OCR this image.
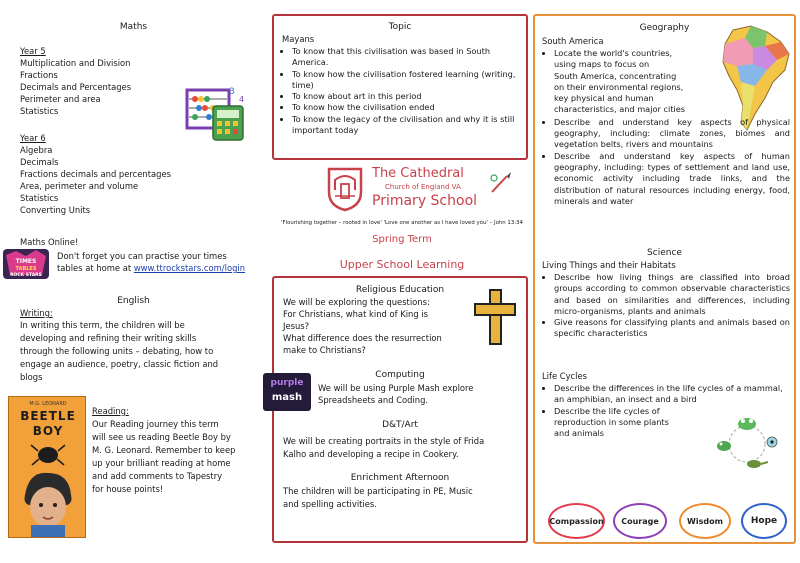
Maths
Year 5
Multiplication and Division
Fractions
Decimals and Percentages
Perimeter and area
Statistics
Year 6
Algebra
Decimals
Fractions decimals and percentages
Area, perimeter and volume
Statistics
Converting Units
3
4
Maths Online!
Don't forget you can practise your times
tables at home at www.ttrockstars.com/login
TIMES
TABLES
ROCK STARS
English
Writing:
In writing this term, the children will be
developing and refining their writing skills
through the following units – debating, how to
engage an audience, poetry, classic fiction and
blogs
M.G. LEONARD
BEETLE
BOY
Reading:
Our Reading journey this term
will see us reading Beetle Boy by
M. G. Leonard. Remember to keep
up your brilliant reading at home
and add comments to Tapestry
for house points!
Topic
Mayans
• To know that this civilisation was based in South America.
• To know how the civilisation fostered learning (writing, time)
• To know about art in this period
• To know how the civilisation ended
• To know the legacy of the civilisation and why it is still important today
The Cathedral
Church of England VA
Primary School
'Flourishing together – rooted in love' 'Love one another as I have loved you' – John 13:34
Spring Term
Upper School Learning
Religious Education
We will be exploring the questions:
For Christians, what kind of King is
Jesus?
What difference does the resurrection
make to Christians?
Computing
We will be using Purple Mash explore
Spreadsheets and Coding.
purple
mash
D&T/Art
We will be creating portraits in the style of Frida
Kalho and developing a recipe in Cookery.
Enrichment Afternoon
The children will be participating in PE, Music
and spelling activities.
Geography
South America
• Locate the world's countries,
using maps to focus on
South America, concentrating
on their environmental regions,
key physical and human
characteristics, and major cities
• Describe and understand key aspects of physical geography, including: climate zones, biomes and vegetation belts, rivers and mountains
• Describe and understand key aspects of human geography, including: types of settlement and land use, economic activity including trade links, and the distribution of natural resources including energy, food, minerals and water
Science
Living Things and their Habitats
• Describe how living things are classified into broad groups according to common observable characteristics and based on similarities and differences, including micro-organisms, plants and animals
• Give reasons for classifying plants and animals based on specific characteristics
Life Cycles
• Describe the differences in the life cycles of a mammal, an amphibian, an insect and a bird
• Describe the life cycles of
reproduction in some plants
and animals
Compassion	Courage	Wisdom	Hope
